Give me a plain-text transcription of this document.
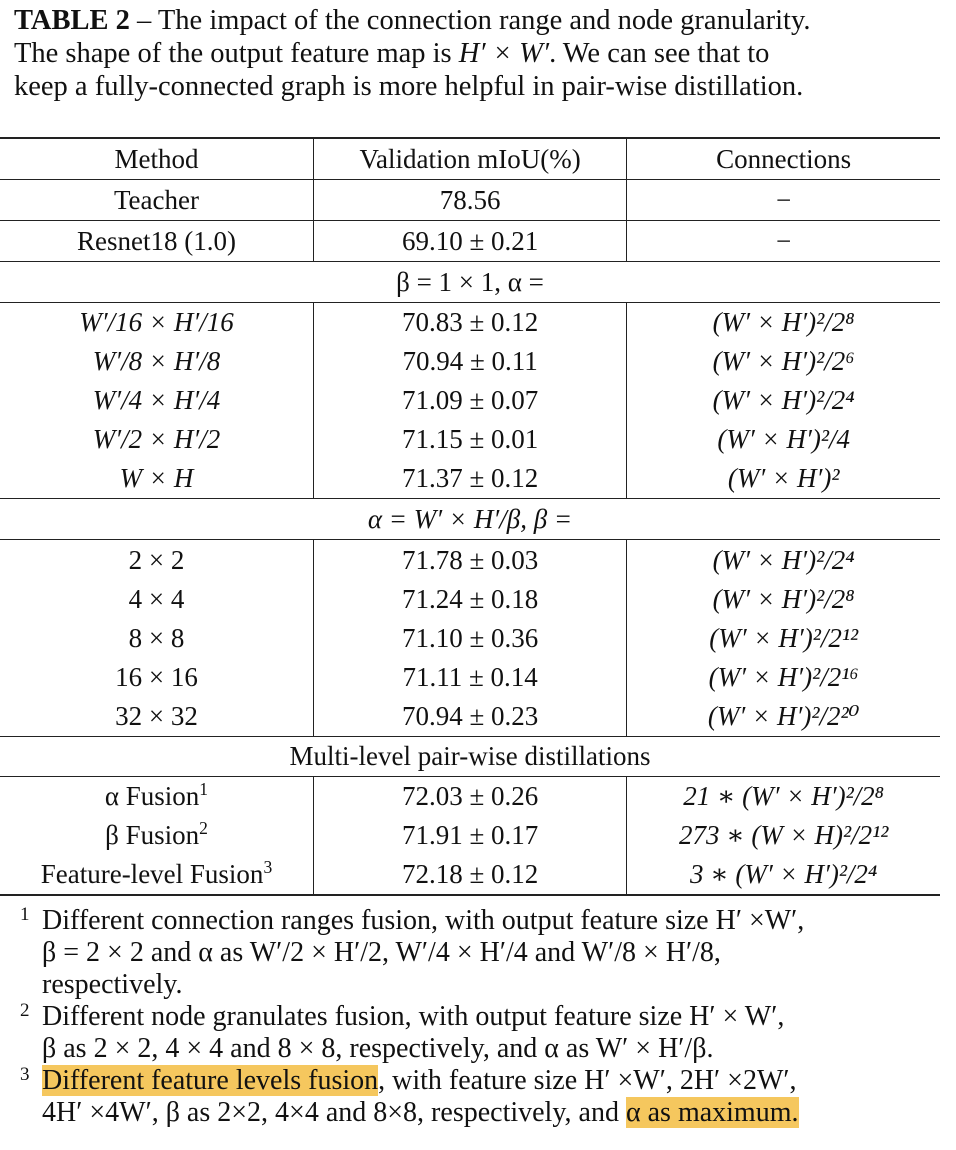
TABLE 2 – The impact of the connection range and node granularity.
The shape of the output feature map is H′ × W′. We can see that to
keep a fully-connected graph is more helpful in pair-wise distillation.
Method	Validation mIoU(%)	Connections
Teacher	78.56	−
Resnet18 (1.0)	69.10 ± 0.21	−
β = 1 × 1, α =		
W′/16 × H′/16	70.83 ± 0.12	(W′ × H′)²/2⁸
W′/8 × H′/8	70.94 ± 0.11	(W′ × H′)²/2⁶
W′/4 × H′/4	71.09 ± 0.07	(W′ × H′)²/2⁴
W′/2 × H′/2	71.15 ± 0.01	(W′ × H′)²/4
W × H	71.37 ± 0.12	(W′ × H′)²
α = W′ × H′/β, β =		
2 × 2	71.78 ± 0.03	(W′ × H′)²/2⁴
4 × 4	71.24 ± 0.18	(W′ × H′)²/2⁸
8 × 8	71.10 ± 0.36	(W′ × H′)²/2¹²
16 × 16	71.11 ± 0.14	(W′ × H′)²/2¹⁶
32 × 32	70.94 ± 0.23	(W′ × H′)²/2²⁰
Multi-level pair-wise distillations		
α Fusion$^1$	72.03 ± 0.26	21 ∗ (W′ × H′)²/2⁸
β Fusion$^2$	71.91 ± 0.17	273 ∗ (W × H)²/2¹²
Feature-level Fusion$^3$	72.18 ± 0.12	3 ∗ (W′ × H′)²/2⁴
1 Different connection ranges fusion, with output feature size H′ ×W′,
β = 2 × 2 and α as W′/2 × H′/2, W′/4 × H′/4 and W′/8 × H′/8,
respectively.
2 Different node granulates fusion, with output feature size H′ × W′,
β as 2 × 2, 4 × 4 and 8 × 8, respectively, and α as W′ × H′/β.
3 Different feature levels fusion, with feature size H′ ×W′, 2H′ ×2W′,
4H′ ×4W′, β as 2×2, 4×4 and 8×8, respectively, and α as maximum.
